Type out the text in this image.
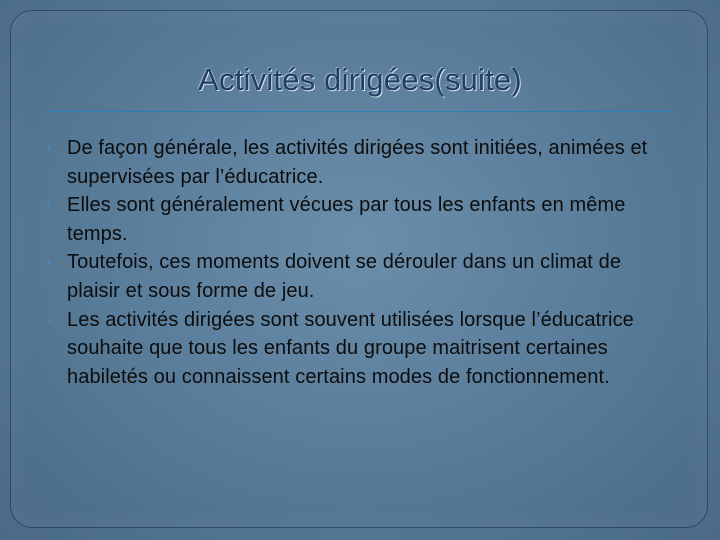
Activités dirigées(suite)
De façon générale, les activités dirigées sont initiées, animées et supervisées par l’éducatrice.
Elles sont généralement vécues par tous les enfants en même temps.
Toutefois, ces moments doivent se dérouler dans un climat de plaisir et sous forme de jeu.
Les activités dirigées sont souvent utilisées lorsque l’éducatrice souhaite que tous les enfants du groupe maitrisent certaines habiletés ou connaissent certains modes de fonctionnement.
